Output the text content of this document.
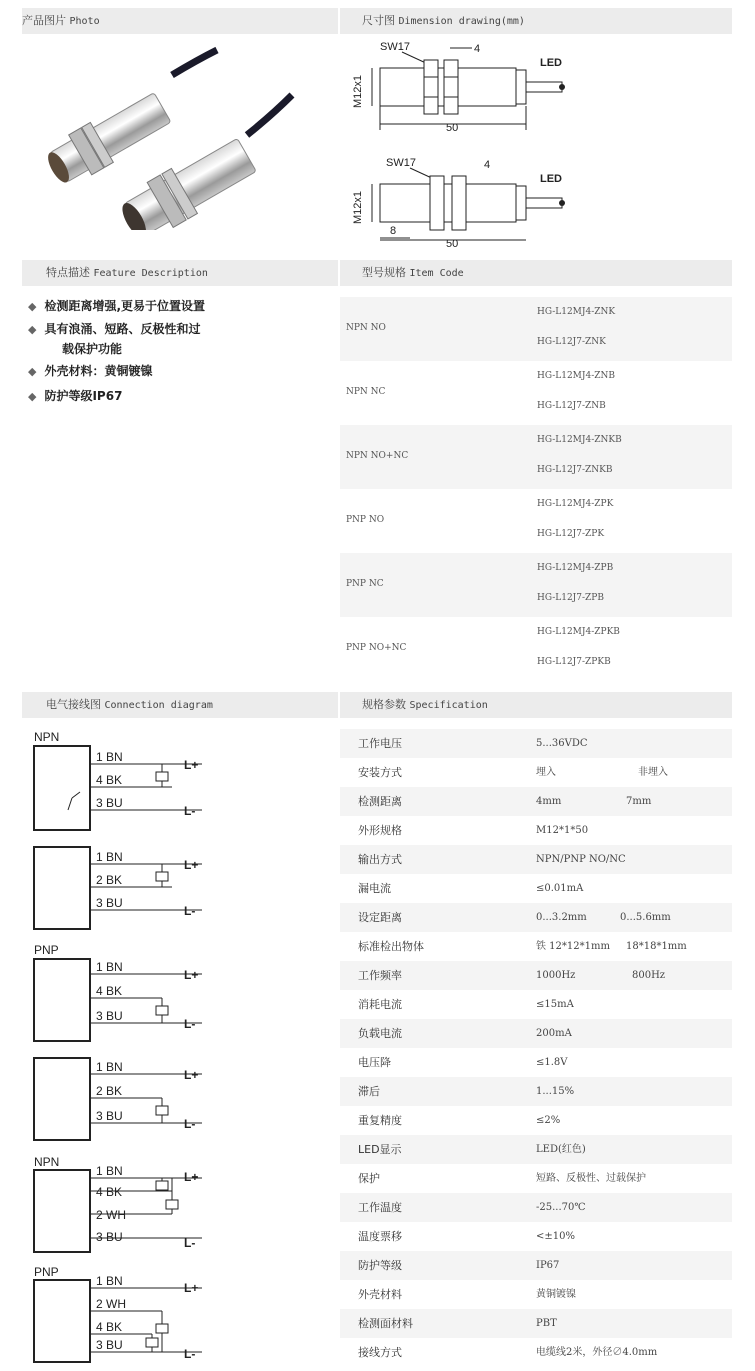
产品图片 Photo	尺寸图 Dimension drawing(mm)
SW17	4
LED
M12x1
50
SW17	4
LED
M12x1
8
50
特点描述 Feature Description	型号规格 Item Code
◆ 检测距离增强,更易于位置设置
◆ 具有浪涌、短路、反极性和过
载保护功能
◆ 外壳材料：黄铜镀镍
◆ 防护等级IP67
NPN NO
HG-L12MJ4-ZNK
HG-L12J7-ZNK
NPN NC
HG-L12MJ4-ZNB
HG-L12J7-ZNB
NPN NO+NC
HG-L12MJ4-ZNKB
HG-L12J7-ZNKB
PNP NO
HG-L12MJ4-ZPK
HG-L12J7-ZPK
PNP NC
HG-L12MJ4-ZPB
HG-L12J7-ZPB
PNP NO+NC
HG-L12MJ4-ZPKB
HG-L12J7-ZPKB
电气接线图 Connection diagram	规格参数 Specification
NPN
1 BN
4 BK
3 BU
L+
L-
1 BN
2 BK
3 BU
L+
L-
PNP
1 BN
4 BK
3 BU
L+
L-
1 BN
2 BK
3 BU
L+
L-
NPN
1 BN
4 BK
2 WH
3 BU
L+
L-
PNP
1 BN
2 WH
4 BK
3 BU
L+
L-
工作电压	5...36VDC
安装方式	埋入	非埋入
检测距离	4mm	7mm
外形规格	M12*1*50
输出方式	NPN/PNP NO/NC
漏电流	≤0.01mA
设定距离	0...3.2mm	0...5.6mm
标准检出物体	铁 12*12*1mm 18*18*1mm
工作频率	1000Hz	800Hz
消耗电流	≤15mA
负载电流	200mA
电压降	≤1.8V
滞后	1...15%
重复精度	≤2%
LED显示	LED(红色)
保护	短路、反极性、过载保护
工作温度	-25...70℃
温度票移	<±10%
防护等级	IP67
外壳材料	黄铜镀镍
检测面材料	PBT
接线方式	电缆线2米，外径∅4.0mm
